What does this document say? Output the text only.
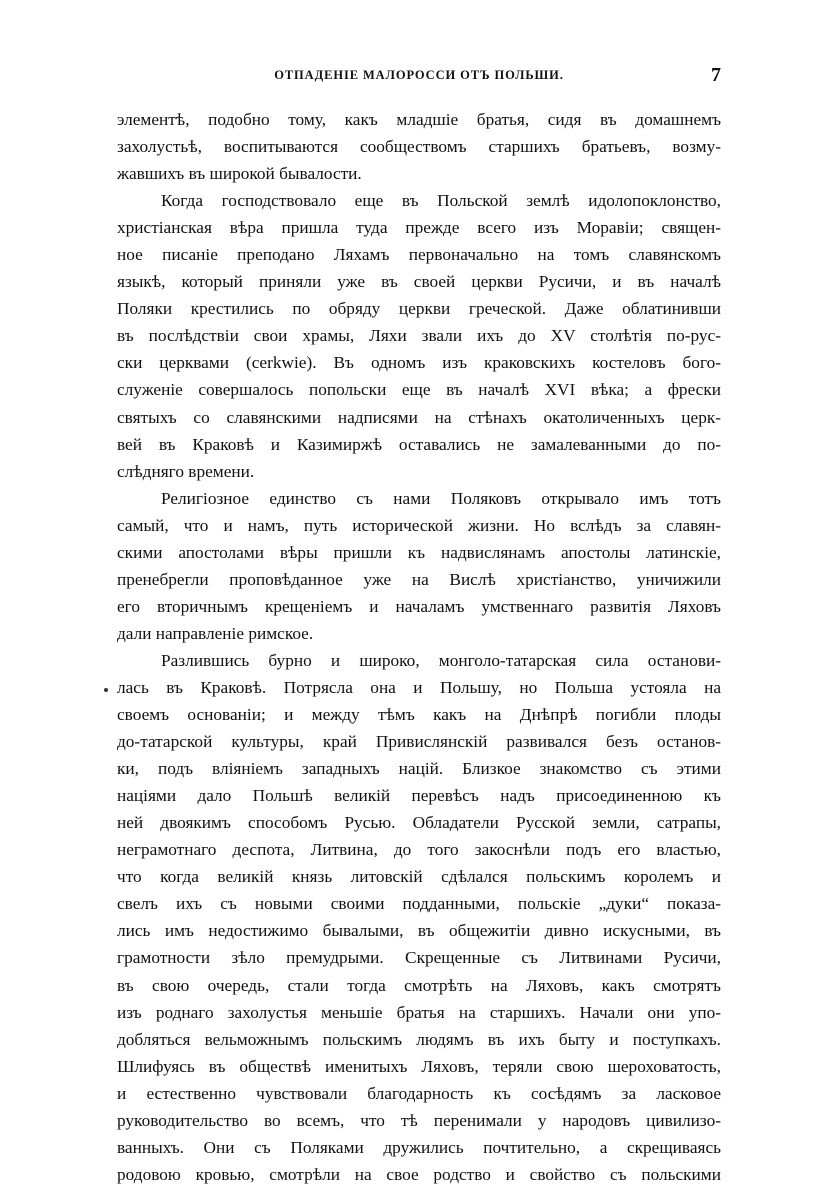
ОТПАДЕНІЕ МАЛОРОССИ ОТЪ ПОЛЬШИ.	7
элементѣ, подобно тому, какъ младшіе братья, сидя въ домашнемъ
захолустьѣ, воспитываются сообществомъ старшихъ братьевъ, возму-
жавшихъ въ широкой бывалости.
Когда господствовало еще въ Польской землѣ идолопоклонство,
христіанская вѣра пришла туда прежде всего изъ Моравіи; священ-
ное писаніе преподано Ляхамъ первоначально на томъ славянскомъ
языкѣ, который приняли уже въ своей церкви Русичи, и въ началѣ
Поляки крестились по обряду церкви греческой. Даже облатинивши
въ послѣдствіи свои храмы, Ляхи звали ихъ до XV столѣтія по-рус-
ски церквами (cerkwie). Въ одномъ изъ краковскихъ костеловъ бого-
служеніе совершалось попольски еще въ началѣ XVI вѣка; а фрески
святыхъ со славянскими надписями на стѣнахъ окатоличенныхъ церк-
вей въ Краковѣ и Казимиржѣ оставались не замалеванными до по-
слѣдняго времени.
Религіозное единство съ нами Поляковъ открывало имъ тотъ
самый, что и намъ, путь исторической жизни. Но вслѣдъ за славян-
скими апостолами вѣры пришли къ надвислянамъ апостолы латинскіе,
пренебрегли проповѣданное уже на Вислѣ христіанство, уничижили
его вторичнымъ крещеніемъ и началамъ умственнаго развитія Ляховъ
дали направленіе римское.
Разлившись бурно и широко, монголо-татарская сила останови-
лась въ Краковѣ. Потрясла она и Польшу, но Польша устояла на
своемъ основаніи; и между тѣмъ какъ на Днѣпрѣ погибли плоды
до-татарской культуры, край Привислянскій развивался безъ останов-
ки, подъ вліяніемъ западныхъ націй. Близкое знакомство съ этими
націями дало Польшѣ великій перевѣсъ надъ присоединенною къ
ней двоякимъ способомъ Русью. Обладатели Русской земли, сатрапы,
неграмотнаго деспота, Литвина, до того закоснѣли подъ его властью,
что когда великій князь литовскій сдѣлался польскимъ королемъ и
свелъ ихъ съ новыми своими подданными, польскіе „дуки“ показа-
лись имъ недостижимо бывалыми, въ общежитіи дивно искусными, въ
грамотности зѣло премудрыми. Скрещенные съ Литвинами Русичи,
въ свою очередь, стали тогда смотрѣть на Ляховъ, какъ смотрятъ
изъ роднаго захолустья меньшіе братья на старшихъ. Начали они упо-
добляться вельможнымъ польскимъ людямъ въ ихъ быту и поступкахъ.
Шлифуясь въ обществѣ именитыхъ Ляховъ, теряли свою шероховатость,
и естественно чувствовали благодарность къ сосѣдямъ за ласковое
руководительство во всемъ, что тѣ перенимали у народовъ цивилизо-
ванныхъ. Они съ Поляками дружились почтительно, а скрещиваясь
родовою кровью, смотрѣли на свое родство и свойство съ польскими
